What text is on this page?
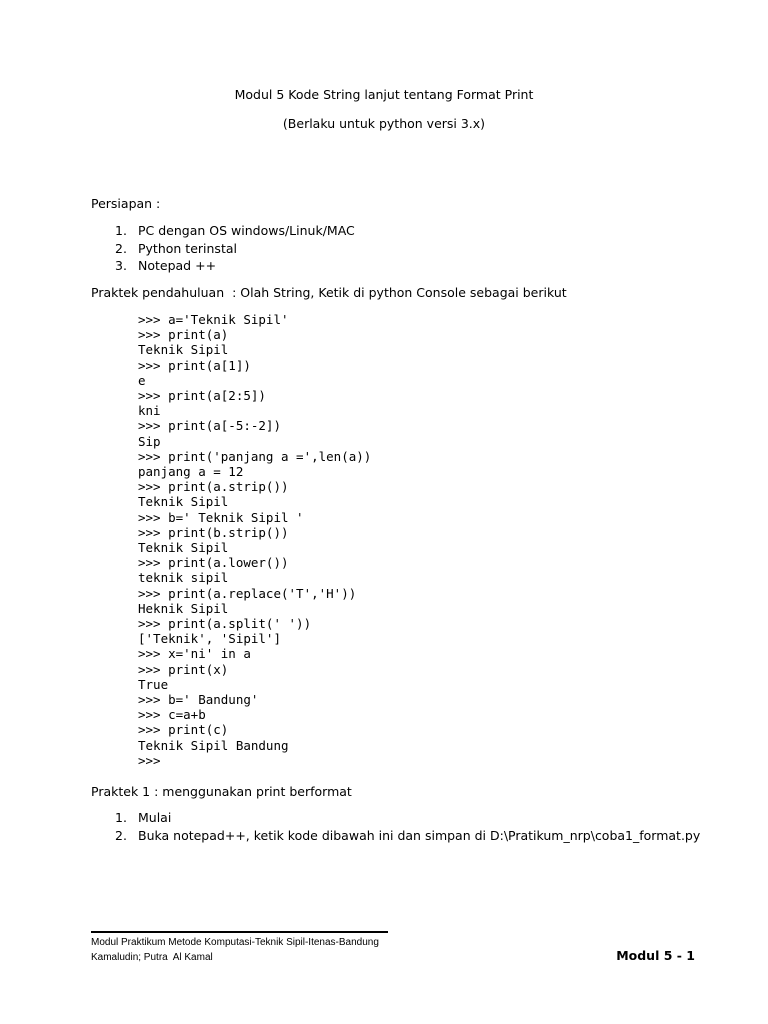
Modul 5 Kode String lanjut tentang Format Print
(Berlaku untuk python versi 3.x)
Persiapan :
1. PC dengan OS windows/Linuk/MAC
2. Python terinstal
3. Notepad ++
Praktek pendahuluan  : Olah String, Ketik di python Console sebagai berikut
>>> a='Teknik Sipil'
>>> print(a)
Teknik Sipil
>>> print(a[1])
e
>>> print(a[2:5])
kni
>>> print(a[-5:-2])
Sip
>>> print('panjang a =',len(a))
panjang a = 12
>>> print(a.strip())
Teknik Sipil
>>> b=' Teknik Sipil '
>>> print(b.strip())
Teknik Sipil
>>> print(a.lower())
teknik sipil
>>> print(a.replace('T','H'))
Heknik Sipil
>>> print(a.split(' '))
['Teknik', 'Sipil']
>>> x='ni' in a
>>> print(x)
True
>>> b=' Bandung'
>>> c=a+b
>>> print(c)
Teknik Sipil Bandung
>>>
Praktek 1 : menggunakan print berformat
1. Mulai
2. Buka notepad++, ketik kode dibawah ini dan simpan di D:\Pratikum_nrp\coba1_format.py
Modul Praktikum Metode Komputasi-Teknik Sipil-Itenas-Bandung
Kamaludin; Putra  Al Kamal	Modul 5 - 1
